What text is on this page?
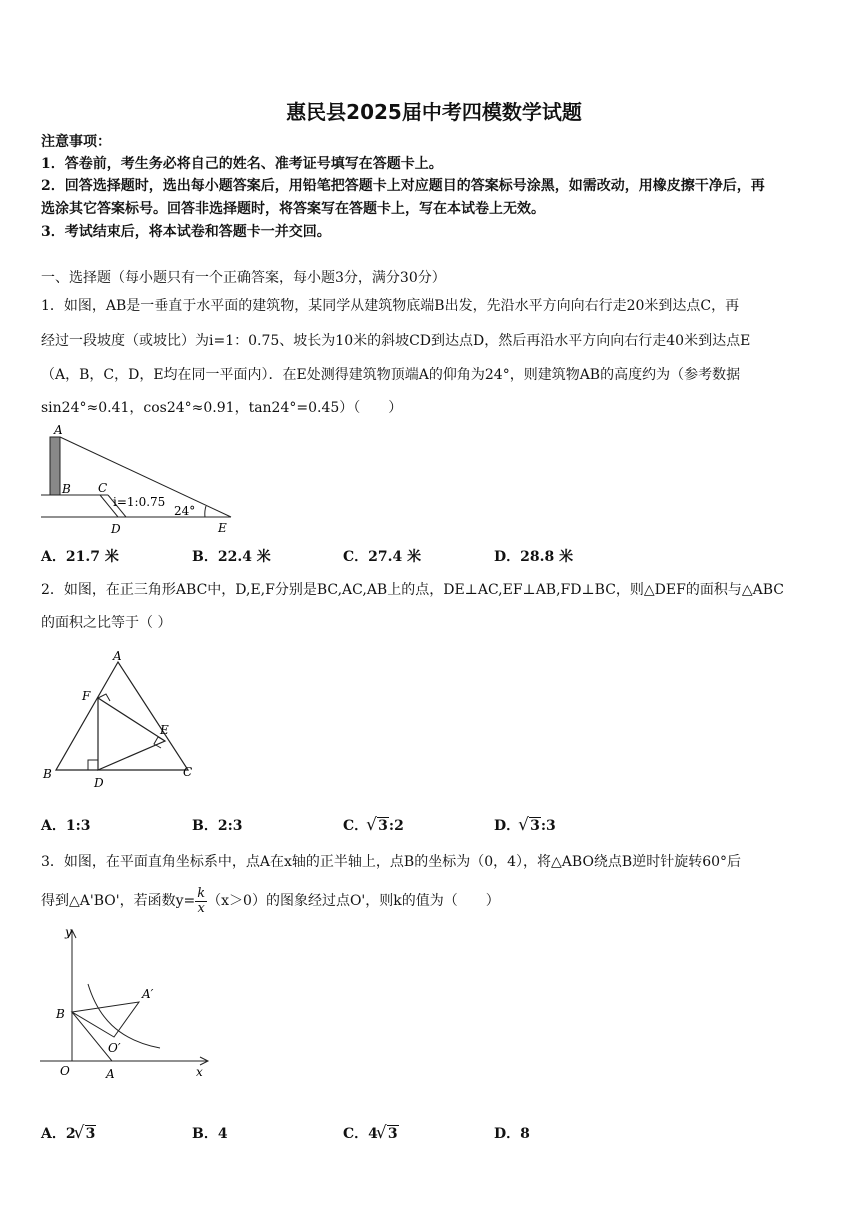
惠民县2025届中考四模数学试题
注意事项：
1．答卷前，考生务必将自己的姓名、准考证号填写在答题卡上。
2．回答选择题时，选出每小题答案后，用铅笔把答题卡上对应题目的答案标号涂黑，如需改动，用橡皮擦干净后，再
选涂其它答案标号。回答非选择题时，将答案写在答题卡上，写在本试卷上无效。
3．考试结束后，将本试卷和答题卡一并交回。
一、选择题（每小题只有一个正确答案，每小题3分，满分30分）
1．如图，AB是一垂直于水平面的建筑物，某同学从建筑物底端B出发，先沿水平方向向右行走20米到达点C，再
经过一段坡度（或坡比）为i=1：0.75、坡长为10米的斜坡CD到达点D，然后再沿水平方向向右行走40米到达点E
（A，B，C，D，E均在同一平面内）．在E处测得建筑物顶端A的仰角为24°，则建筑物AB的高度约为（参考数据
sin24°≈0.41，cos24°≈0.91，tan24°=0.45）（　　）
A
B C
D	E
i=1:0.75
24°
A．21.7 米	B．22.4 米	C．27.4 米	D．28.8 米
2．如图，在正三角形ABC中，D,E,F分别是BC,AC,AB上的点，DE⊥AC,EF⊥AB,FD⊥BC，则△DEF的面积与△ABC
的面积之比等于（ ）
A
B	C
D
E
F
A．1:3	B．2:3	C． √ 3:2	D． √ 3:3
3．如图，在平面直角坐标系中，点A在x轴的正半轴上，点B的坐标为（0，4），将△ABO绕点B逆时针旋转60°后
得到△A'BO'，若函数$y= \frac{k}{x} (x>0)$的图象经过点O'，则k的值为（　　）
y
x
B
A′
O′
O	A
A．2 √ 3	B．4	C．4 √ 3	D．8
